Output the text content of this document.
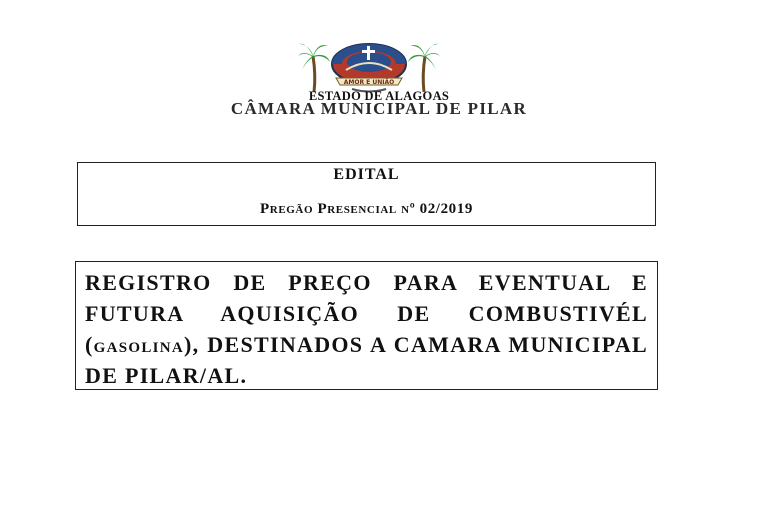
AMOR E UNIÃO
ESTADO DE ALAGOAS
CÂMARA MUNICIPAL DE PILAR
EDITAL
Pregão Presencial nº 02/2019
REGISTRO DE PREÇO PARA EVENTUAL E FUTURA AQUISIÇÃO DE COMBUSTIVÉL (gasolina), DESTINADOS A CAMARA MUNICIPAL DE PILAR/AL.
